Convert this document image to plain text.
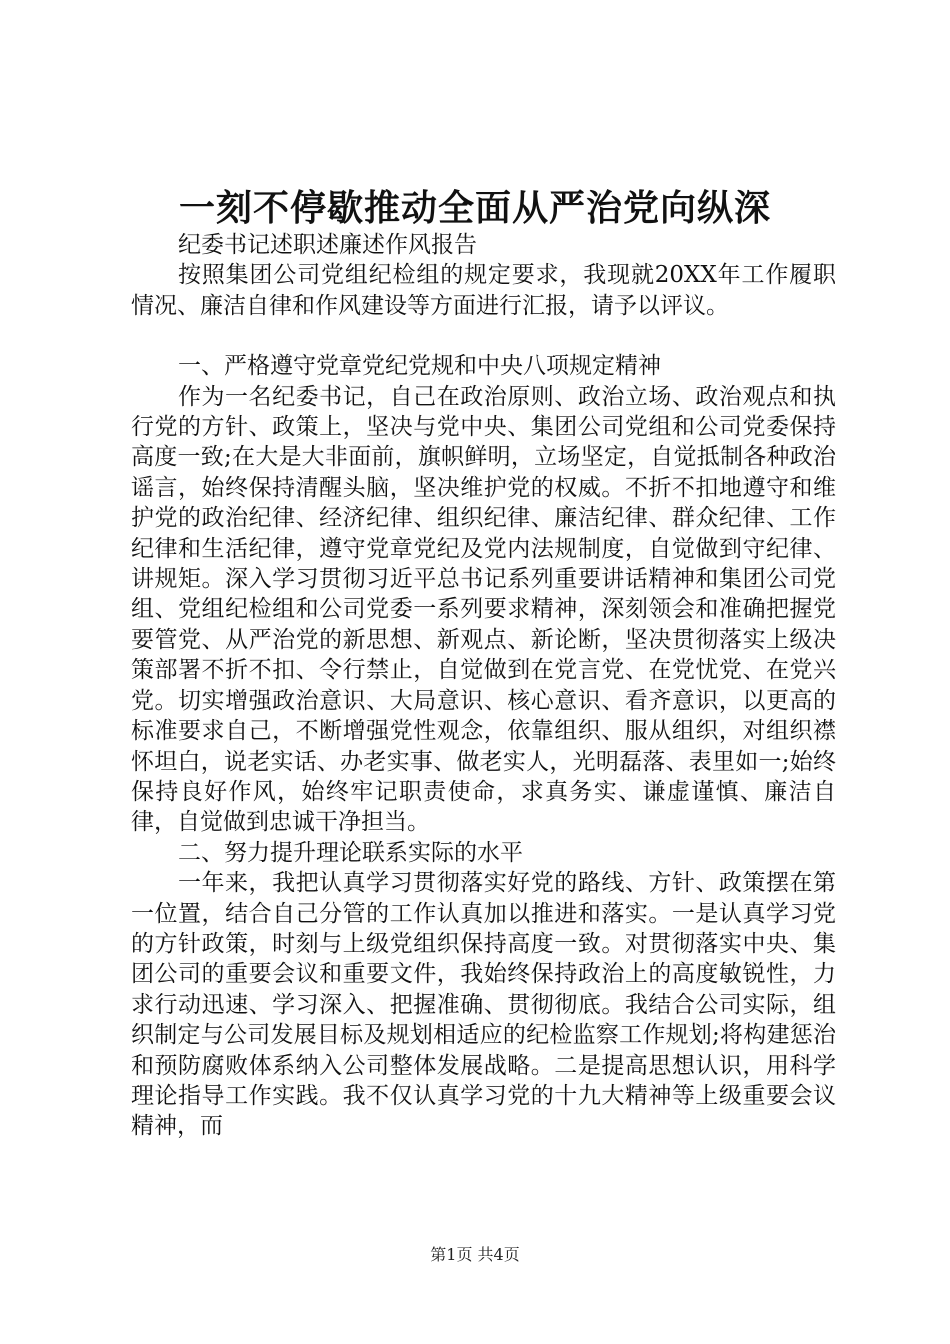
一刻不停歇推动全面从严治党向纵深

纪委书记述职述廉述作风报告

按照集团公司党组纪检组的规定要求，我现就20XX年工作履职情况、廉洁自律和作风建设等方面进行汇报，请予以评议。

一、严格遵守党章党纪党规和中央八项规定精神

作为一名纪委书记，自己在政治原则、政治立场、政治观点和执行党的方针、政策上，坚决与党中央、集团公司党组和公司党委保持高度一致;在大是大非面前，旗帜鲜明，立场坚定，自觉抵制各种政治谣言，始终保持清醒头脑，坚决维护党的权威。不折不扣地遵守和维护党的政治纪律、经济纪律、组织纪律、廉洁纪律、群众纪律、工作纪律和生活纪律，遵守党章党纪及党内法规制度，自觉做到守纪律、讲规矩。深入学习贯彻习近平总书记系列重要讲话精神和集团公司党组、党组纪检组和公司党委一系列要求精神，深刻领会和准确把握党要管党、从严治党的新思想、新观点、新论断，坚决贯彻落实上级决策部署不折不扣、令行禁止，自觉做到在党言党、在党忧党、在党兴党。切实增强政治意识、大局意识、核心意识、看齐意识，以更高的标准要求自己，不断增强党性观念，依靠组织、服从组织，对组织襟怀坦白，说老实话、办老实事、做老实人，光明磊落、表里如一;始终保持良好作风，始终牢记职责使命，求真务实、谦虚谨慎、廉洁自律，自觉做到忠诚干净担当。

二、努力提升理论联系实际的水平

一年来，我把认真学习贯彻落实好党的路线、方针、政策摆在第一位置，结合自己分管的工作认真加以推进和落实。一是认真学习党的方针政策，时刻与上级党组织保持高度一致。对贯彻落实中央、集团公司的重要会议和重要文件，我始终保持政治上的高度敏锐性，力求行动迅速、学习深入、把握准确、贯彻彻底。我结合公司实际，组织制定与公司发展目标及规划相适应的纪检监察工作规划;将构建惩治和预防腐败体系纳入公司整体发展战略。二是提高思想认识，用科学理论指导工作实践。我不仅认真学习党的十九大精神等上级重要会议精神，而

第1页 共4页
